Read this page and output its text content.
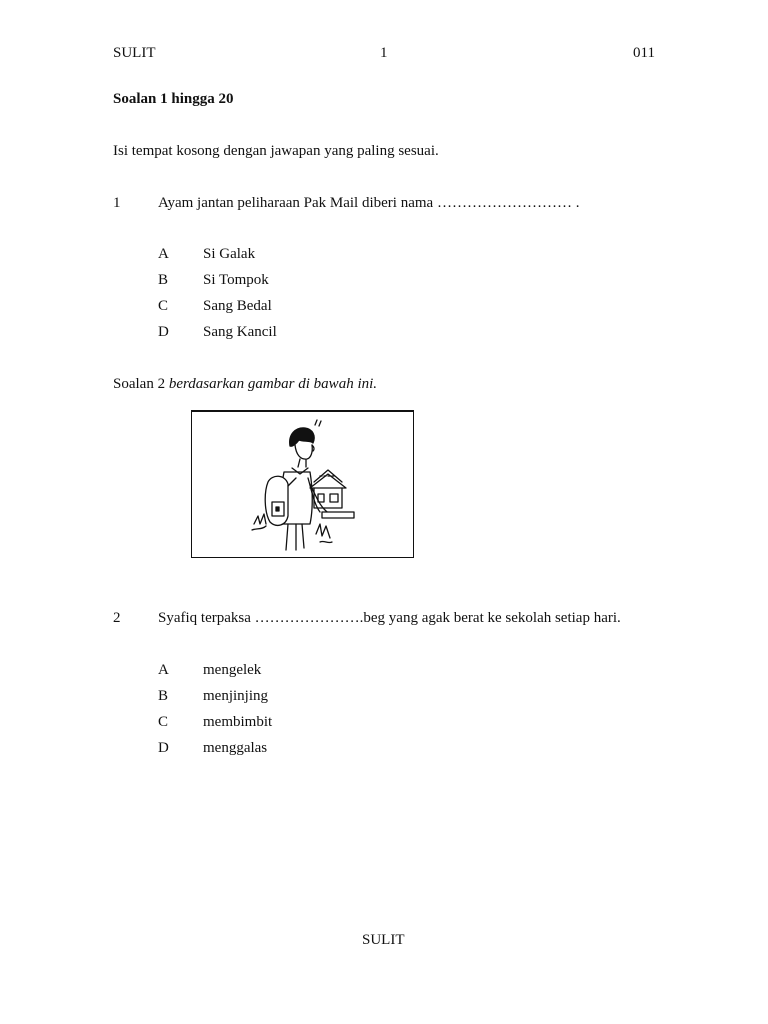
SULIT	1	011
Soalan 1 hingga 20
Isi tempat kosong dengan jawapan yang paling sesuai.
1	Ayam jantan peliharaan Pak Mail diberi nama ……………………… .
A Si Galak
B Si Tompok
C Sang Bedal
D Sang Kancil
Soalan 2 berdasarkan gambar di bawah ini.
2	Syafiq terpaksa ………………….beg yang agak berat ke sekolah setiap hari.
A mengelek
B menjinjing
C membimbit
D menggalas
SULIT
